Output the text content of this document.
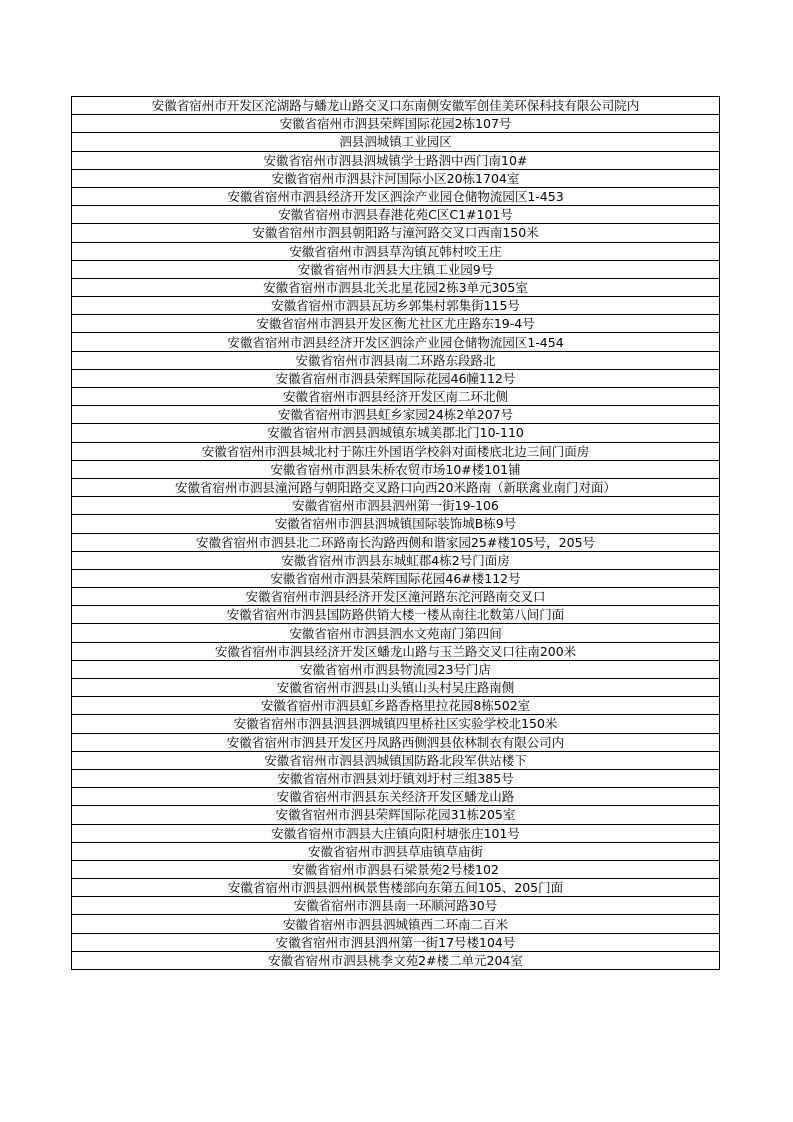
安徽省宿州市开发区沱湖路与蟠龙山路交叉口东南侧安徽军创佳美环保科技有限公司院内
安徽省宿州市泗县荣辉国际花园2栋107号
泗县泗城镇工业园区
安徽省宿州市泗县泗城镇学士路泗中西门南10#
安徽省宿州市泗县汴河国际小区20栋1704室
安徽省宿州市泗县经济开发区泗涂产业园仓储物流园区1-453
安徽省宿州市泗县春港花苑C区C1#101号
安徽省宿州市泗县朝阳路与潼河路交叉口西南150米
安徽省宿州市泗县草沟镇瓦韩村咬王庄
安徽省宿州市泗县大庄镇工业园9号
安徽省宿州市泗县北关北星花园2栋3单元305室
安徽省宿州市泗县瓦坊乡郭集村郭集街115号
安徽省宿州市泗县开发区衡尤社区尤庄路东19-4号
安徽省宿州市泗县经济开发区泗涂产业园仓储物流园区1-454
安徽省宿州市泗县南二环路东段路北
安徽省宿州市泗县荣辉国际花园46幢112号
安徽省宿州市泗县经济开发区南二环北侧
安徽省宿州市泗县虹乡家园24栋2单207号
安徽省宿州市泗县泗城镇东城美郡北门10-110
安徽省宿州市泗县城北村于陈庄外国语学校斜对面楼底北边三间门面房
安徽省宿州市泗县朱桥农贸市场10#楼101铺
安徽省宿州市泗县潼河路与朝阳路交叉路口向西20米路南（新联禽业南门对面）
安徽省宿州市泗县泗州第一街19-106
安徽省宿州市泗县泗城镇国际装饰城B栋9号
安徽省宿州市泗县北二环路南长沟路西侧和谐家园25#楼105号，205号
安徽省宿州市泗县东城虹郡4栋2号门面房
安徽省宿州市泗县荣辉国际花园46#楼112号
安徽省宿州市泗县经济开发区潼河路东沱河路南交叉口
安徽省宿州市泗县国防路供销大楼一楼从南往北数第八间门面
安徽省宿州市泗县泗水文苑南门第四间
安徽省宿州市泗县经济开发区蟠龙山路与玉兰路交叉口往南200米
安徽省宿州市泗县物流园23号门店
安徽省宿州市泗县山头镇山头村吴庄路南侧
安徽省宿州市泗县虹乡路香格里拉花园8栋502室
安徽省宿州市泗县泗县泗城镇四里桥社区实验学校北150米
安徽省宿州市泗县开发区丹凤路西侧泗县依林制衣有限公司内
安徽省宿州市泗县泗城镇国防路北段军供站楼下
安徽省宿州市泗县刘圩镇刘圩村三组385号
安徽省宿州市泗县东关经济开发区蟠龙山路
安徽省宿州市泗县荣辉国际花园31栋205室
安徽省宿州市泗县大庄镇向阳村塘张庄101号
安徽省宿州市泗县草庙镇草庙街
安徽省宿州市泗县石梁景苑2号楼102
安徽省宿州市泗县泗州枫景售楼部向东第五间105、205门面
安徽省宿州市泗县南一环顺河路30号
安徽省宿州市泗县泗城镇西二环南二百米
安徽省宿州市泗县泗州第一街17号楼104号
安徽省宿州市泗县桃李文苑2#楼二单元204室
